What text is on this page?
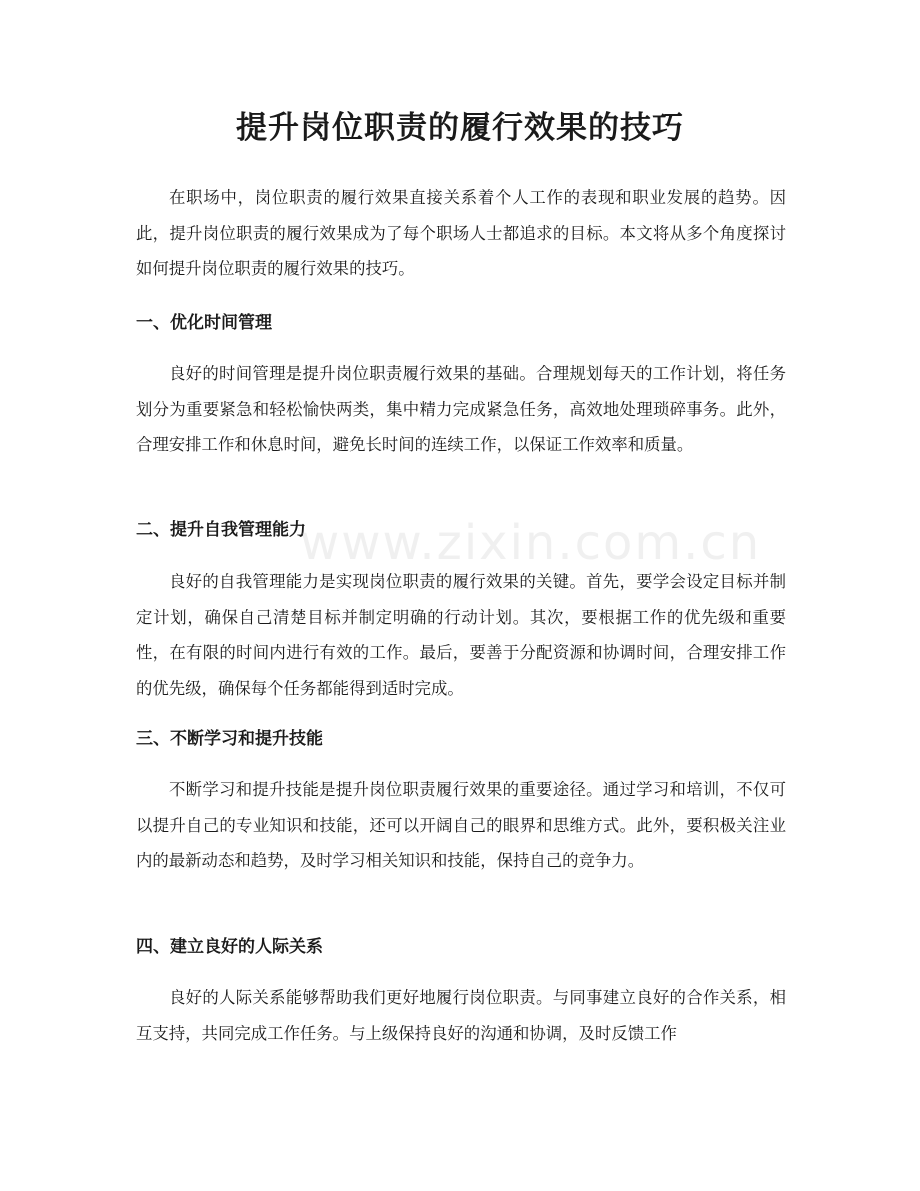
提升岗位职责的履行效果的技巧

在职场中，岗位职责的履行效果直接关系着个人工作的表现和职业发展的趋势。因此，提升岗位职责的履行效果成为了每个职场人士都追求的目标。本文将从多个角度探讨如何提升岗位职责的履行效果的技巧。

一、优化时间管理

良好的时间管理是提升岗位职责履行效果的基础。合理规划每天的工作计划，将任务划分为重要紧急和轻松愉快两类，集中精力完成紧急任务，高效地处理琐碎事务。此外，合理安排工作和休息时间，避免长时间的连续工作，以保证工作效率和质量。

二、提升自我管理能力

良好的自我管理能力是实现岗位职责的履行效果的关键。首先，要学会设定目标并制定计划，确保自己清楚目标并制定明确的行动计划。其次，要根据工作的优先级和重要性，在有限的时间内进行有效的工作。最后，要善于分配资源和协调时间，合理安排工作的优先级，确保每个任务都能得到适时完成。

三、不断学习和提升技能

不断学习和提升技能是提升岗位职责履行效果的重要途径。通过学习和培训，不仅可以提升自己的专业知识和技能，还可以开阔自己的眼界和思维方式。此外，要积极关注业内的最新动态和趋势，及时学习相关知识和技能，保持自己的竞争力。

四、建立良好的人际关系

良好的人际关系能够帮助我们更好地履行岗位职责。与同事建立良好的合作关系，相互支持，共同完成工作任务。与上级保持良好的沟通和协调，及时反馈工作

www.zixin.com.cn
